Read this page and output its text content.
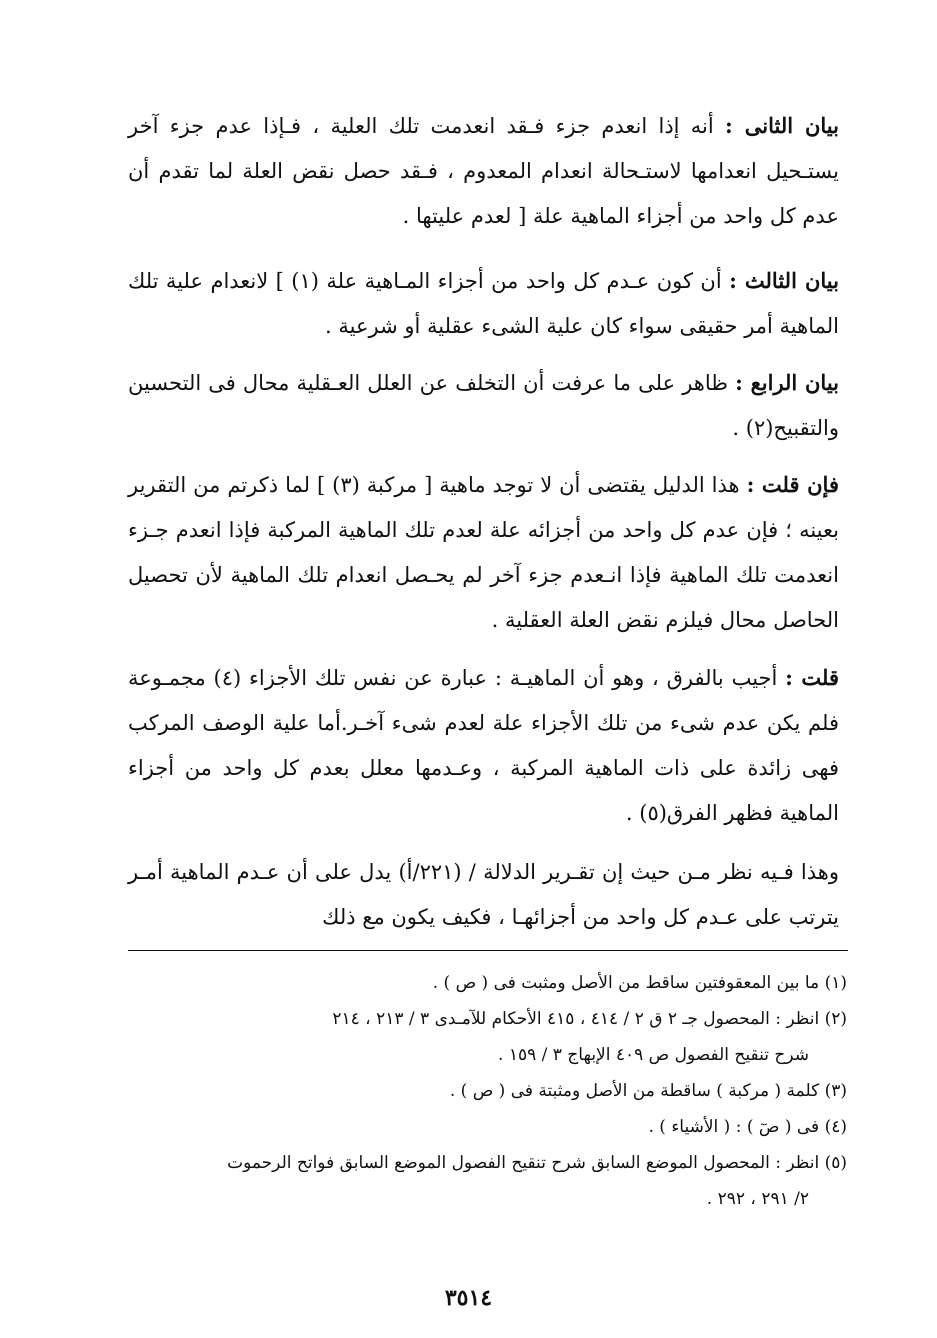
بيان الثانى : أنه إذا انعدم جزء فـقد انعدمت تلك العلية ، فـإذا عدم جزء آخر يستـحيل انعدامها لاستـحالة انعدام المعدوم ، فـقد حصل نقض العلة لما تقدم أن عدم كل واحد من أجزاء الماهية علة [ لعدم عليتها .

بيان الثالث : أن كون عـدم كل واحد من أجزاء المـاهية علة (١) ] لانعدام علية تلك الماهية أمر حقيقى سواء كان علية الشىء عقلية أو شرعية .

بيان الرابع : ظاهر على ما عرفت أن التخلف عن العلل العـقلية محال فى التحسين والتقبيح(٢) .

فإن قلت : هذا الدليل يقتضى أن لا توجد ماهية [ مركبة (٣) ] لما ذكرتم من التقرير بعينه ؛ فإن عدم كل واحد من أجزائه علة لعدم تلك الماهية المركبة فإذا انعدم جـزء انعدمت تلك الماهية فإذا انـعدم جزء آخر لم يحـصل انعدام تلك الماهية لأن تحصيل الحاصل محال فيلزم نقض العلة العقلية .

قلت : أجيب بالفرق ، وهو أن الماهيـة : عبارة عن نفس تلك الأجزاء (٤) مجمـوعة فلم يكن عدم شىء من تلك الأجزاء علة لعدم شىء آخـر.أما علية الوصف المركب فهى زائدة على ذات الماهية المركبة ، وعـدمها معلل بعدم كل واحد من أجزاء الماهية فظهر الفرق(٥) .

وهذا فـيه نظر مـن حيث إن تقـرير الدلالة / (٢٢١/أ) يدل على أن عـدم الماهية أمـر يترتب على عـدم كل واحد من أجزائهـا ، فكيف يكون مع ذلك

(١) ما بين المعقوفتين ساقط من الأصل ومثبت فى ( ص ) .

(٢) انظر : المحصول جـ ٢ ق ٢ / ٤١٤ ، ٤١٥ الأحكام للآمـدى ٣ / ٢١٣ ، ٢١٤
شرح تنقيح الفصول ص ٤٠٩ الإبهاج ٣ / ١٥٩ .

(٣) كلمة ( مركبة ) ساقطة من الأصل ومثبتة فى ( ص ) .

(٤) فى ( صٓ ) : ( الأشياء ) .

(٥) انظر : المحصول الموضع السابق شرح تنقيح الفصول الموضع السابق فواتح الرحموت
٢/ ٢٩١ ، ٢٩٢ .

٣٥١٤
